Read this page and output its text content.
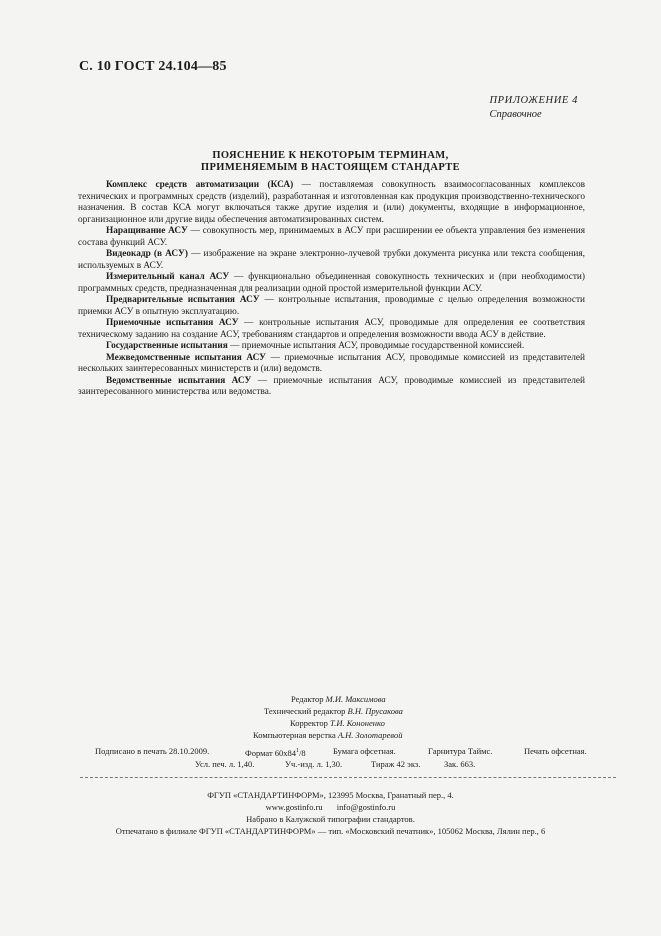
С. 10 ГОСТ 24.104—85
ПРИЛОЖЕНИЕ 4
Справочное
ПОЯСНЕНИЕ К НЕКОТОРЫМ ТЕРМИНАМ,
ПРИМЕНЯЕМЫМ В НАСТОЯЩЕМ СТАНДАРТЕ

Комплекс средств автоматизации (КСА) — поставляемая совокупность взаимосогласованных комплексов технических и программных средств (изделий), разработанная и изготовленная как продукция производственно-технического назначения. В состав КСА могут включаться также другие изделия и (или) документы, входящие в информационное, организационное или другие виды обеспечения автоматизированных систем.

Наращивание АСУ — совокупность мер, принимаемых в АСУ при расширении ее объекта управления без изменения состава функций АСУ.

Видеокадр (в АСУ) — изображение на экране электронно-лучевой трубки документа рисунка или текста сообщения, используемых в АСУ.

Измерительный канал АСУ — функционально объединенная совокупность технических и (при необходимости) программных средств, предназначенная для реализации одной простой измерительной функции АСУ.

Предварительные испытания АСУ — контрольные испытания, проводимые с целью определения возможности приемки АСУ в опытную эксплуатацию.

Приемочные испытания АСУ — контрольные испытания АСУ, проводимые для определения ее соответствия техническому заданию на создание АСУ, требованиям стандартов и определения возможности ввода АСУ в действие.

Государственные испытания — приемочные испытания АСУ, проводимые государственной комиссией.

Межведомственные испытания АСУ — приемочные испытания АСУ, проводимые комиссией из представителей нескольких заинтересованных министерств и (или) ведомств.

Ведомственные испытания АСУ — приемочные испытания АСУ, проводимые комиссией из представителей заинтересованного министерства или ведомства.

Редактор М.И. Максимова
Технический редактор В.Н. Прусакова
Корректор Т.И. Кононенко
Компьютерная верстка А.Н. Золотаревой
Подписано в печать 28.10.2009.	Формат $60x84^1/8$	Бумага офсетная.	Гарнитура Таймс.	Печать офсетная.
Усл. печ. л. 1,40.	Уч.-изд. л. 1,30.	Тираж 42 экз.	Зак. 663.
ФГУП «СТАНДАРТИНФОРМ», 123995 Москва, Гранатный пер., 4.
www.gostinfo.ru info@gostinfo.ru
Набрано в Калужской типографии стандартов.
Отпечатано в филиале ФГУП «СТАНДАРТИНФОРМ» — тип. «Московский печатник», 105062 Москва, Лялин пер., 6
